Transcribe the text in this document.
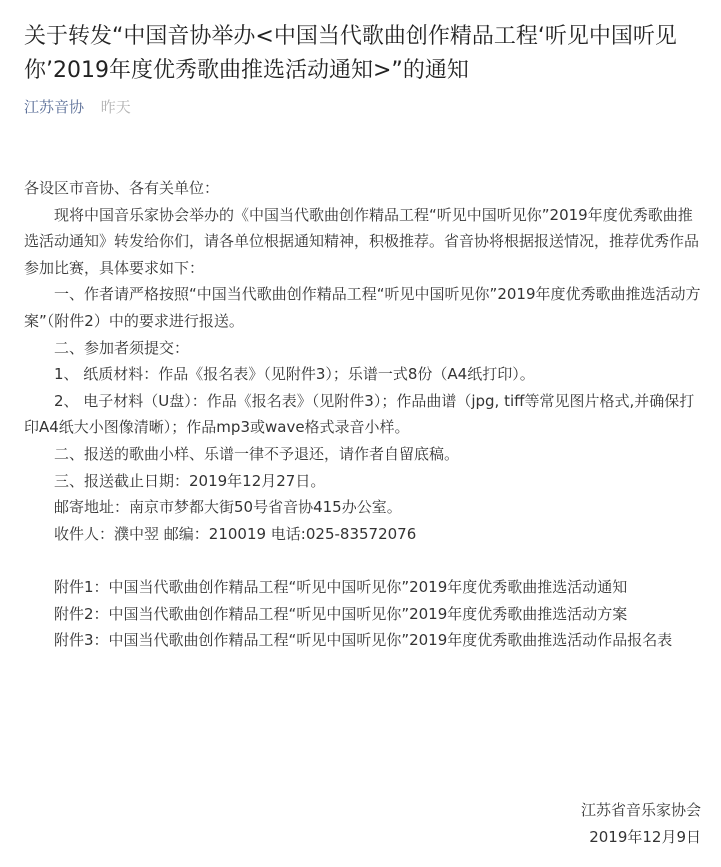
关于转发“中国音协举办<中国当代歌曲创作精品工程‘听见中国听见你’2019年度优秀歌曲推选活动通知>”的通知
江苏音协 昨天

各设区市音协、各有关单位：

现将中国音乐家协会举办的《中国当代歌曲创作精品工程“听见中国听见你”2019年度优秀歌曲推选活动通知》转发给你们，请各单位根据通知精神，积极推荐。省音协将根据报送情况，推荐优秀作品参加比赛，具体要求如下：

一、作者请严格按照“中国当代歌曲创作精品工程“听见中国听见你”2019年度优秀歌曲推选活动方案”（附件2）中的要求进行报送。

二、参加者须提交：

1、 纸质材料：作品《报名表》（见附件3）；乐谱一式8份（A4纸打印）。

2、 电子材料（U盘）：作品《报名表》（见附件3）；作品曲谱（jpg, tiff等常见图片格式,并确保打印A4纸大小图像清晰）；作品mp3或wave格式录音小样。

二、报送的歌曲小样、乐谱一律不予退还，请作者自留底稿。

三、报送截止日期：2019年12月27日。

邮寄地址：南京市梦都大街50号省音协415办公室。

收件人：濮中翌 邮编：210019 电话:025-83572076

附件1：中国当代歌曲创作精品工程“听见中国听见你”2019年度优秀歌曲推选活动通知

附件2：中国当代歌曲创作精品工程“听见中国听见你”2019年度优秀歌曲推选活动方案

附件3：中国当代歌曲创作精品工程“听见中国听见你”2019年度优秀歌曲推选活动作品报名表

江苏省音乐家协会
2019年12月9日
